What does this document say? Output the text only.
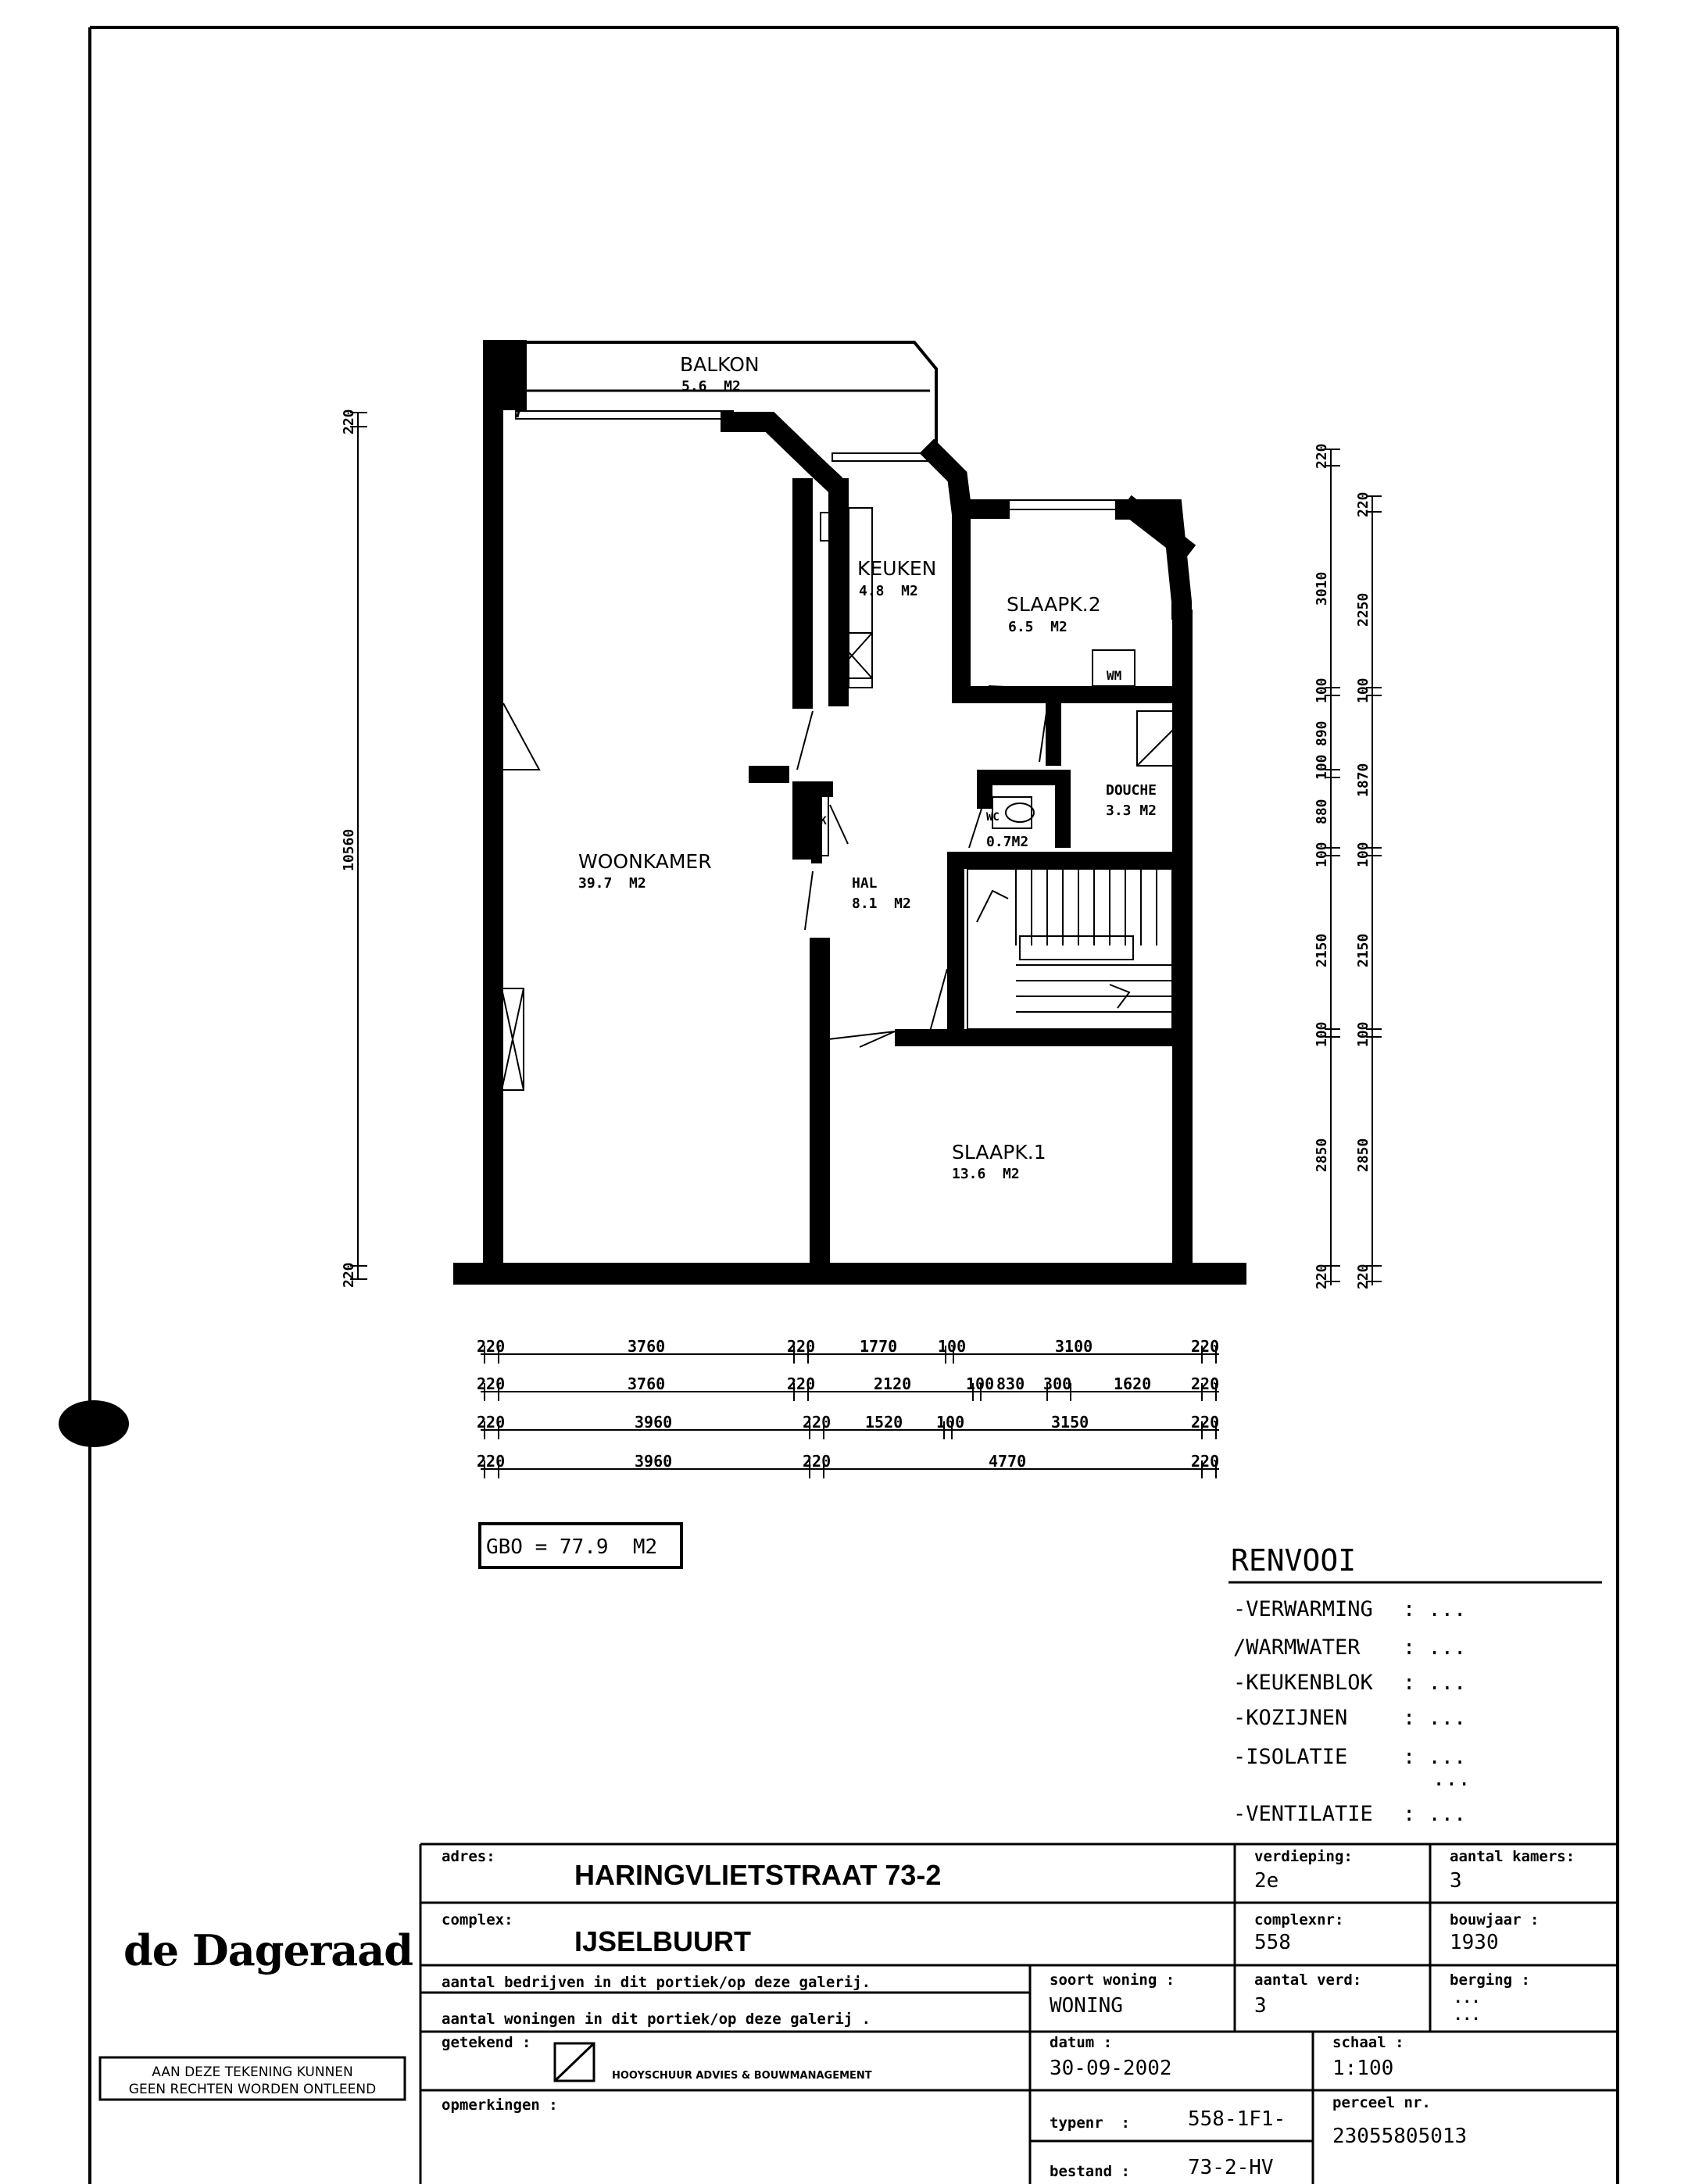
BALKON
5.6  M2
KEUKEN
4.8  M2
SLAAPK.2
6.5  M2
DOUCHE
3.3 M2
WOONKAMER
39.7  M2	HAL
8.1  M2
SLAAPK.1
13.6  M2
0.7M2
WM
MK
K
WC
220
10560
220
220
3010
100
890
100
880
100
2150
100
2850
220
220
2250
100
1870
100
2150
100
2850
220
220	3760	220	1770	100	3100	220
220	3760	220	2120	100 830 300	1620	220
220	3960	220 1520 100	3150	220
220	3960	220	4770	220
GBO = 77.9  M2	RENVOOI
-VERWARMING : ...
/WARMWATER : ...
-KEUKENBLOK : ...
-KOZIJNEN	: ...
-ISOLATIE	: ...
...
-VENTILATIE : ...
de Dageraad
AAN DEZE TEKENING KUNNEN
GEEN RECHTEN WORDEN ONTLEEND
adres:
HARINGVLIETSTRAAT 73-2
verdieping:
2e
aantal kamers:
3
complex:
IJSELBUURT
complexnr:
558
bouwjaar :
1930
aantal bedrijven in dit portiek/op deze galerij.
aantal woningen in dit portiek/op deze galerij .
soort woning :
WONING
aantal verd:
3
berging :
...
...
getekend :
HOOYSCHUUR ADVIES & BOUWMANAGEMENT
datum :
30-09-2002
schaal :
1:100
opmerkingen :
typenr  :	558-1F1-
bestand :	73-2-HV
perceel nr.
23055805013
